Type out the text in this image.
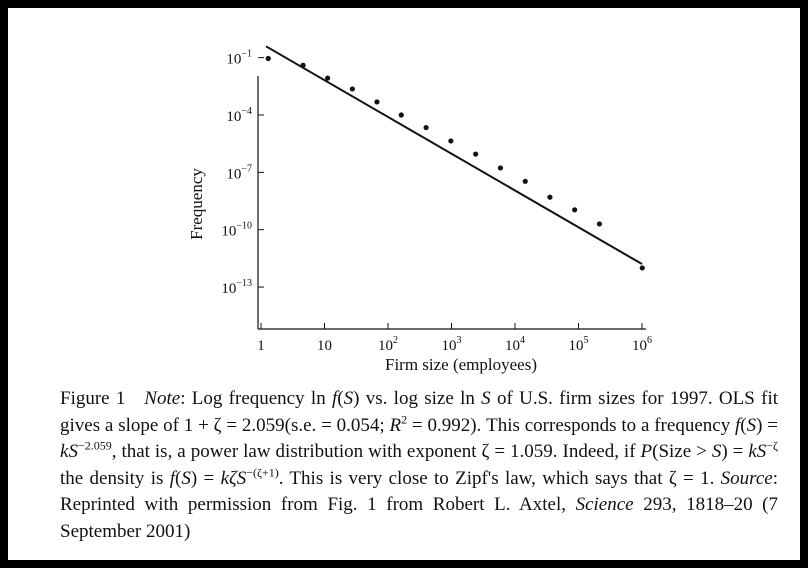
1	10	$10^2$	$10^3$	$10^4$	$10^5$	$10^6$
$10^{-1}$
$10^{-4}$
$10^{-7}$
$10^{-10}$
$10^{-13}$
Firm size (employees)
Frequency
Figure 1 Note: Log frequency ln f(S) vs. log size ln S of U.S. firm sizes for 1997. OLS fit gives a slope of 1 + ζ = 2.059(s.e. = 0.054; $R^2 = 0.992$). This corresponds to a frequency $f(S) = kS^{-2.059}$, that is, a power law distribution with exponent ζ = 1.059. Indeed, if P(Size > $S) = kS^{-\zeta}$ the density is f(S) = kζS$^{-(\zeta+1)}$. This is very close to Zipf's law, which says that ζ = 1. Source: Reprinted with permission from Fig. 1 from Robert L. Axtel, Science 293, 1818–20 (7 September 2001)
